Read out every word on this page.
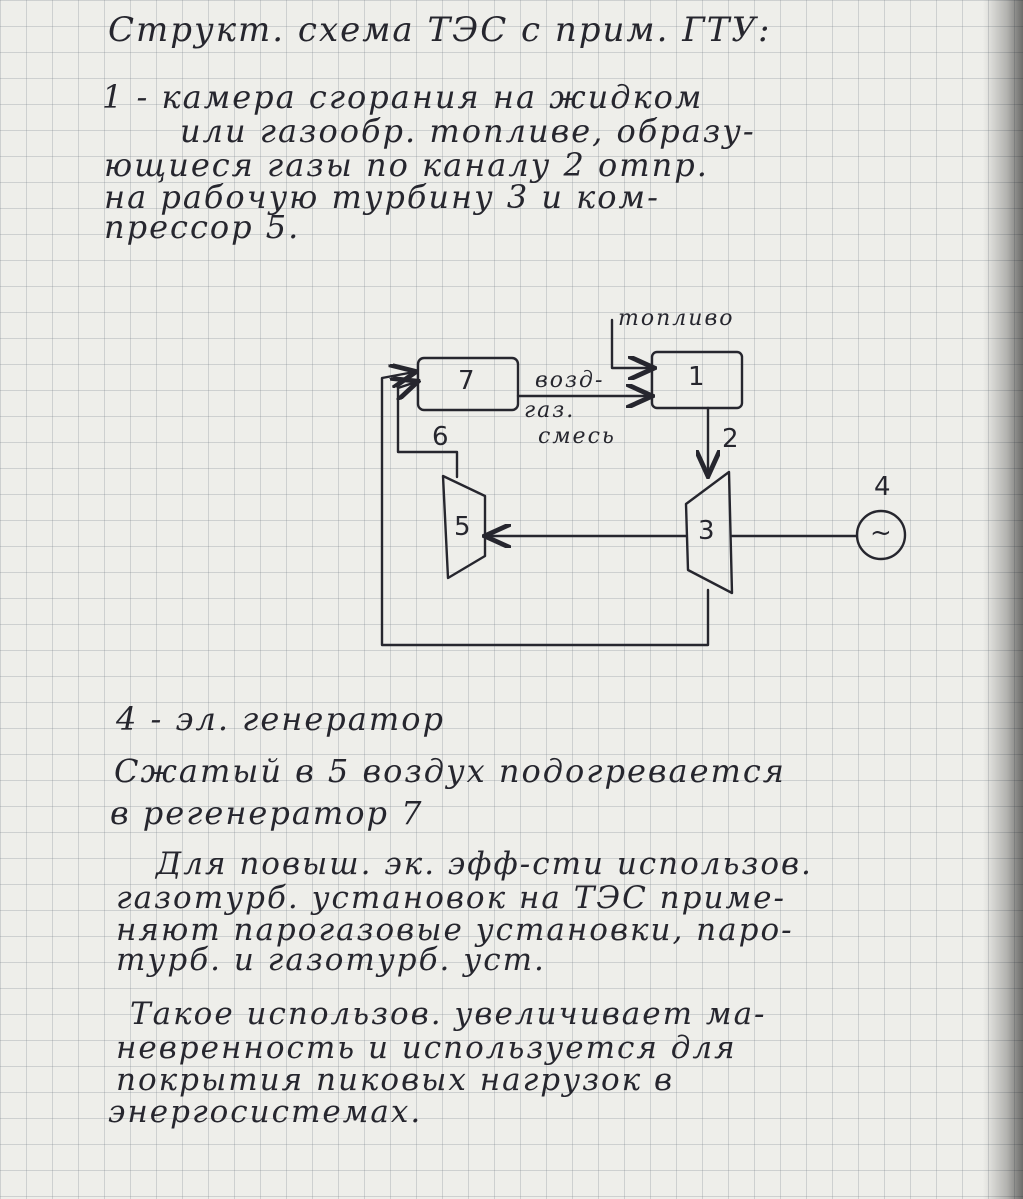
Структ. схема ТЭС с прим. ГТУ:
1 - камера сгорания на жидком
или газообр. топливе, образу-
ющиеся газы по каналу 2 отпр.
на рабочую турбину 3 и ком-
прессор 5.
топливо
7	1
возд-
газ.
смесь
6	2
5	3
4
~
4 - эл. генератор
Сжатый в 5 воздух подогревается
в регенератор 7
Для повыш. эк. эфф-сти использов.
газотурб. установок на ТЭС приме-
няют парогазовые установки, паро-
турб. и газотурб. уст.
Такое использов. увеличивает ма-
невренность и используется для
покрытия пиковых нагрузок в
энергосистемах.
